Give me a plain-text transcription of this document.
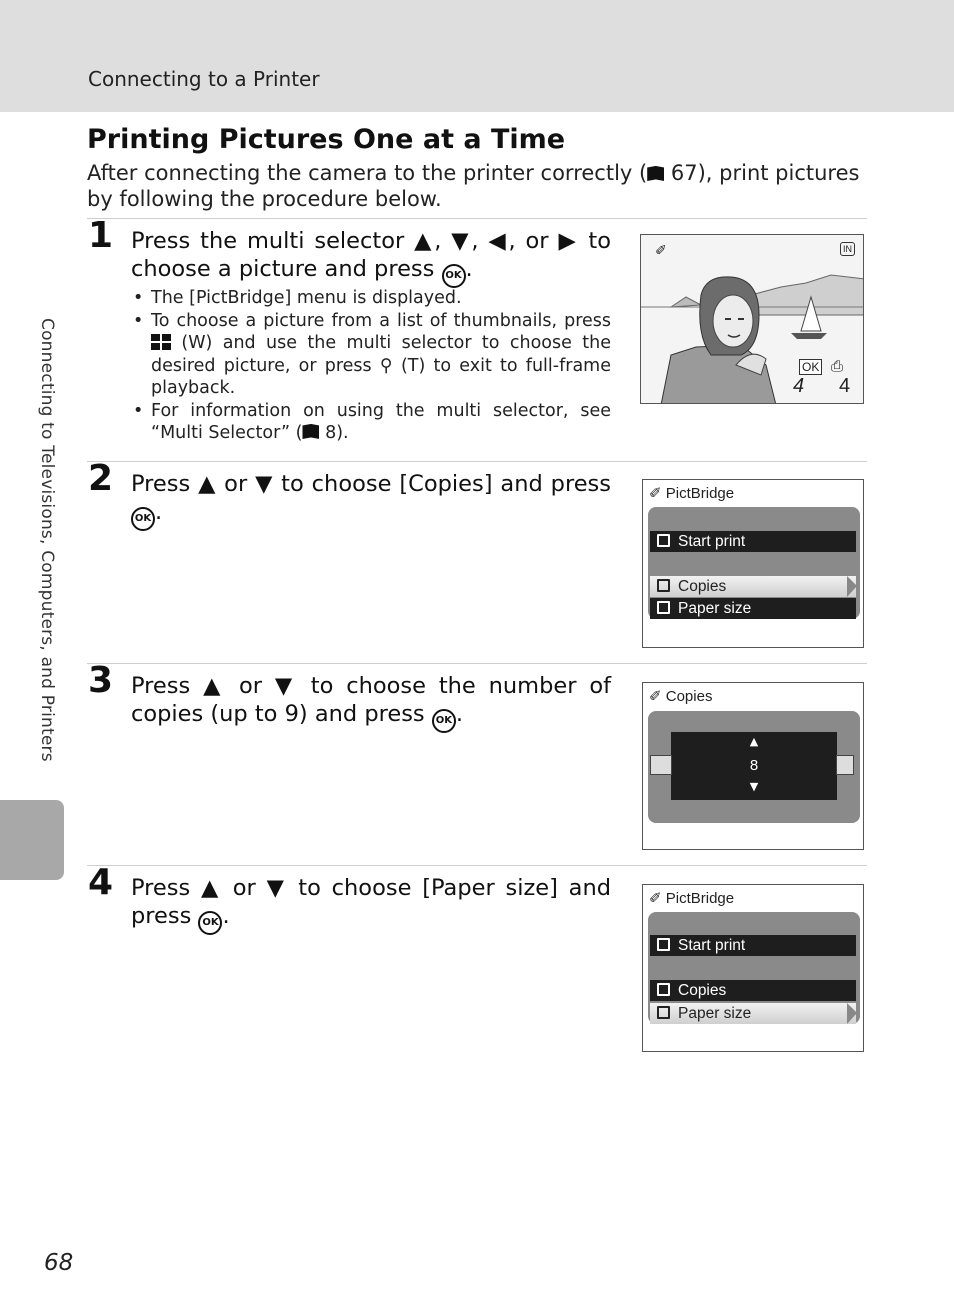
Connecting to a Printer
Connecting to Televisions, Computers, and Printers
Printing Pictures One at a Time
After connecting the camera to the printer correctly ( 67), print pictures by following the procedure below.
1 Press the multi selector ▲, ▼, ◀, or ▶ to choose a picture and press OK .
• The [PictBridge] menu is displayed.
• To choose a picture from a list of thumbnails, press  (W) and use the multi selector to choose the desired picture, or press ⚲ (T) to exit to full-frame playback.
• For information on using the multi selector, see “Multi Selector” ( 8).
✐	IN
OK ⎙
4 4
2 Press ▲ or ▼ to choose [Copies] and press OK .
✐ PictBridge
Start print
Copies
Paper size
3 Press ▲ or ▼ to choose the number of copies (up to 9) and press OK .
✐ Copies
▲
8
▼
4 Press ▲ or ▼ to choose [Paper size] and press OK .
✐ PictBridge
Start print
Copies
Paper size
68
